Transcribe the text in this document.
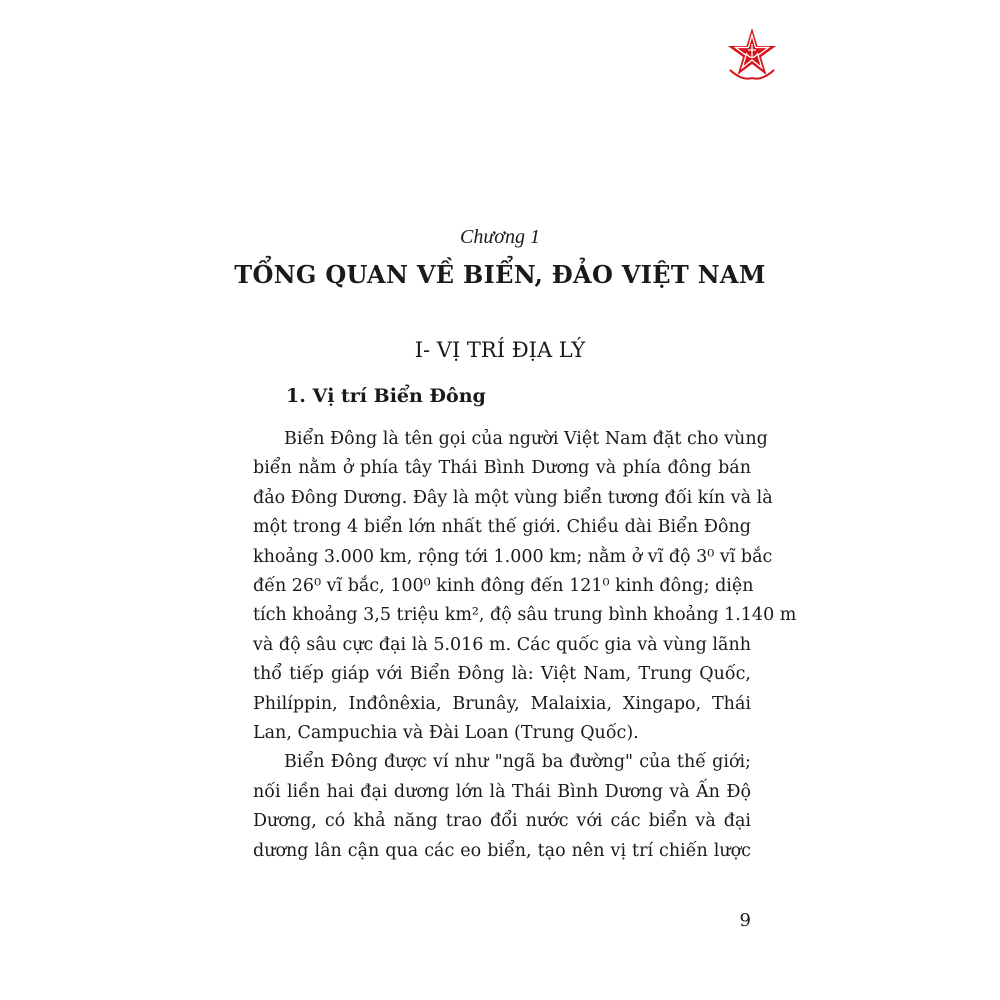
Chương 1
TỔNG QUAN VỀ BIỂN, ĐẢO VIỆT NAM
I- VỊ TRÍ ĐỊA LÝ
1. Vị trí Biển Đông
Biển Đông là tên gọi của người Việt Nam đặt cho vùng
biển nằm ở phía tây Thái Bình Dương và phía đông bán
đảo Đông Dương. Đây là một vùng biển tương đối kín và là
một trong 4 biển lớn nhất thế giới. Chiều dài Biển Đông
khoảng 3.000 km, rộng tới 1.000 km; nằm ở vĩ độ 3⁰ vĩ bắc
đến 26⁰ vĩ bắc, 100⁰ kinh đông đến 121⁰ kinh đông; diện
tích khoảng 3,5 triệu km², độ sâu trung bình khoảng 1.140 m
và độ sâu cực đại là 5.016 m. Các quốc gia và vùng lãnh
thổ tiếp giáp với Biển Đông là: Việt Nam, Trung Quốc,
Philíppin, Inđônêxia, Brunây, Malaixia, Xingapo, Thái
Lan, Campuchia và Đài Loan (Trung Quốc).
Biển Đông được ví như "ngã ba đường" của thế giới;
nối liền hai đại dương lớn là Thái Bình Dương và Ấn Độ
Dương, có khả năng trao đổi nước với các biển và đại
dương lân cận qua các eo biển, tạo nên vị trí chiến lược
9
